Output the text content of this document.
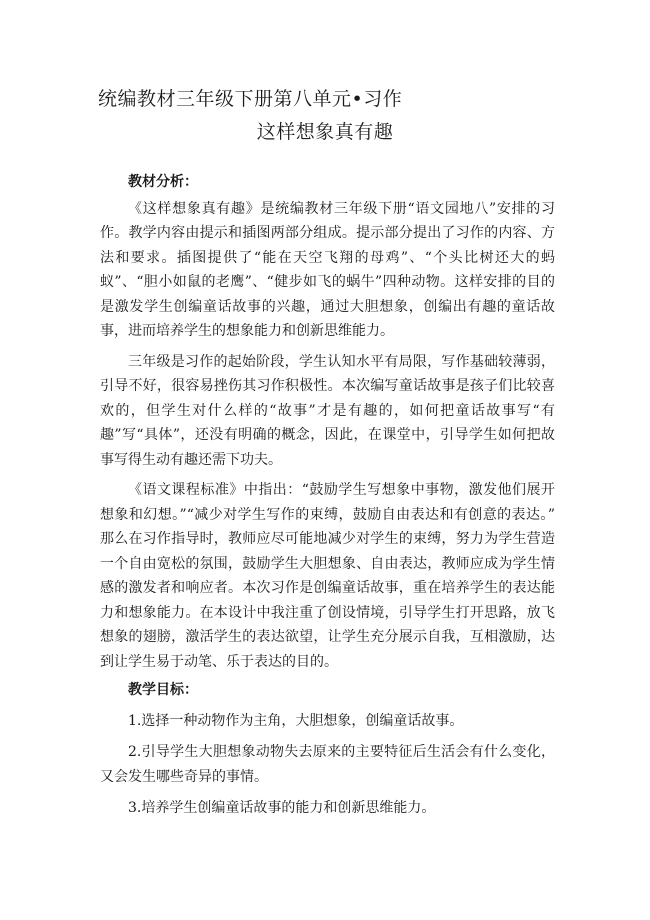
统编教材三年级下册第八单元•习作
这样想象真有趣

教材分析：

《这样想象真有趣》是统编教材三年级下册“语文园地八”安排的习作。教学内容由提示和插图两部分组成。提示部分提出了习作的内容、方法和要求。插图提供了“能在天空飞翔的母鸡”、“个头比树还大的蚂蚁”、“胆小如鼠的老鹰”、“健步如飞的蜗牛”四种动物。这样安排的目的是激发学生创编童话故事的兴趣，通过大胆想象，创编出有趣的童话故事，进而培养学生的想象能力和创新思维能力。

三年级是习作的起始阶段，学生认知水平有局限，写作基础较薄弱，引导不好，很容易挫伤其习作积极性。本次编写童话故事是孩子们比较喜欢的，但学生对什么样的“故事”才是有趣的，如何把童话故事写“有趣”写“具体”，还没有明确的概念，因此，在课堂中，引导学生如何把故事写得生动有趣还需下功夫。

《语文课程标准》中指出：“鼓励学生写想象中事物，激发他们展开想象和幻想。”“减少对学生写作的束缚，鼓励自由表达和有创意的表达。” 那么在习作指导时，教师应尽可能地减少对学生的束缚，努力为学生营造一个自由宽松的氛围，鼓励学生大胆想象、自由表达，教师应成为学生情感的激发者和响应者。本次习作是创编童话故事，重在培养学生的表达能力和想象能力。在本设计中我注重了创设情境，引导学生打开思路，放飞想象的翅膀，激活学生的表达欲望，让学生充分展示自我，互相激励，达到让学生易于动笔、乐于表达的目的。

教学目标：

1.选择一种动物作为主角，大胆想象，创编童话故事。

2.引导学生大胆想象动物失去原来的主要特征后生活会有什么变化，又会发生哪些奇异的事情。

3.培养学生创编童话故事的能力和创新思维能力。
